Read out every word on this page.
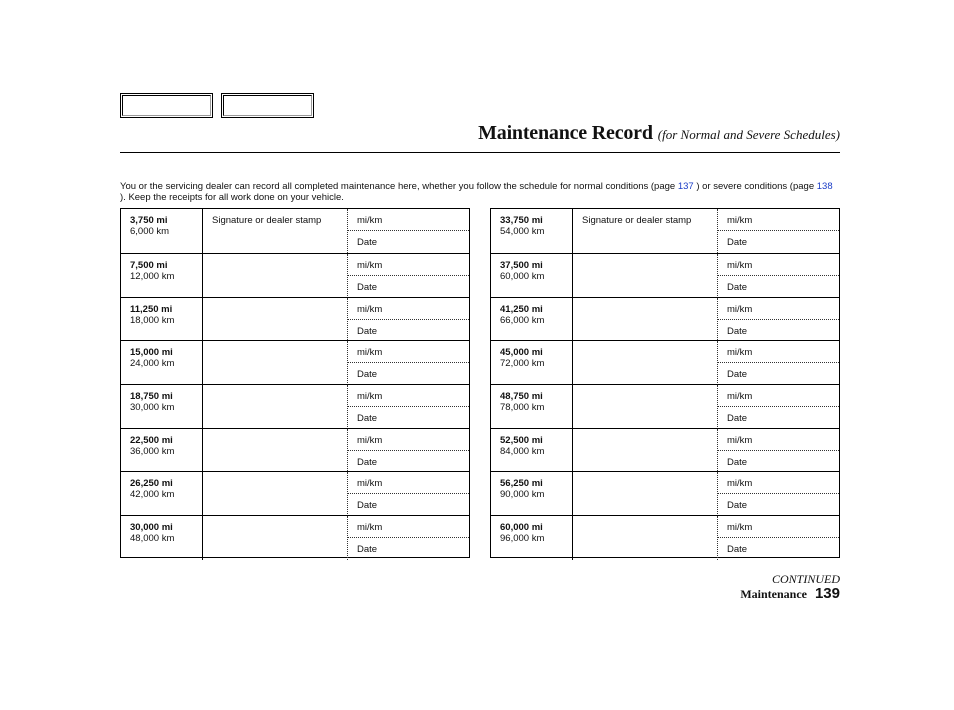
Maintenance Record (for Normal and Severe Schedules)
You or the servicing dealer can record all completed maintenance here, whether you follow the schedule for normal conditions (page 137 ) or severe conditions (page 138 ). Keep the receipts for all work done on your vehicle.
3,750 mi
6,000 km
Signature or dealer stamp	mi/km
Date
7,500 mi
12,000 km
mi/km
Date
11,250 mi
18,000 km
mi/km
Date
15,000 mi
24,000 km
mi/km
Date
18,750 mi
30,000 km
mi/km
Date
22,500 mi
36,000 km
mi/km
Date
26,250 mi
42,000 km
mi/km
Date
30,000 mi
48,000 km
mi/km
Date
33,750 mi
54,000 km
Signature or dealer stamp	mi/km
Date
37,500 mi
60,000 km
mi/km
Date
41,250 mi
66,000 km
mi/km
Date
45,000 mi
72,000 km
mi/km
Date
48,750 mi
78,000 km
mi/km
Date
52,500 mi
84,000 km
mi/km
Date
56,250 mi
90,000 km
mi/km
Date
60,000 mi
96,000 km
mi/km
Date
CONTINUED
Maintenance 139
